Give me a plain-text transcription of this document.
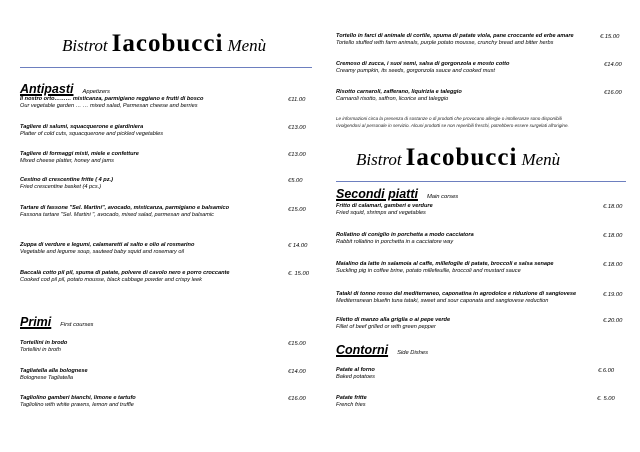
Bistrot Iacobucci Menù
Antipasti Appetizers
Il nostro orto……… misticanza, parmigiano reggiano e frutti di bosco
Our vegetable garden … … mixed salad, Parmesan cheese and berries
€11.00
Tagliere di salumi, squacquerone e giardiniera
Platter of cold cuts, squacquerone and pickled vegetables
€13.00
Tagliere di formaggi misti, miele e confetture
Mixed cheese platter, honey and jams
€13.00
Cestino di crescentine fritte ( 4 pz.)
Fried crescentine basket (4 pcs.)
€5.00
Tartare di fassone "Sel. Martini", avocado, misticanza, parmigiano e balsamico
Fassona tartare "Sel. Martini ", avocado, mixed salad, parmesan and balsamic
€15.00
Zuppa di verdure e legumi, calamaretti al salto e olio al rosmarino
Vegetable and legume soup, sauteed baby squid and rosemary oil
€ 14.00
Baccalà cotto pil pil, spuma di patate, polvere di cavolo nero e porro croccante
Cooked cod pil pil, potato mousse, black cabbage powder and crispy leek
€. 15.00
Primi First courses
Tortellini in brodo
Tortellini in broth
€15.00
Tagliatella alla bolognese
Bolognese Tagliatella
€14.00
Tagliolino gamberi bianchi, limone e tartufo
Tagliolino with white prawns, lemon and truffle
€16.00
Tortello in farci di animale di cortile, spuma di patate viola, pane croccante ed erbe amare
Tortello stuffed with farm animals, purple potato mousse, crunchy bread and bitter herbs
€.15.00
Cremoso di zucca, i suoi semi, salsa di gorgonzola e mosto cotto
Creamy pumpkin, its seeds, gorgonzola sauce and cooked must
€14.00
Risotto carnaroli, zafferano, liquirizia e taleggio
Carnaroli risotto, saffron, licorice and taleggio
€16.00
Le informazioni circa la presenza di sostanze o di prodotti che provocano allergie o intolleranze sono disponibili
rivolgendosi al personale in servizio. Alcuni prodotti se non reperibili freschi, potrebbero essere surgelati all'origine.
Bistrot Iacobucci Menù
Secondi piatti Main corses
Fritto di calamari, gamberi e verdure
Fried squid, shrimps and vegetables
€.18.00
Rollatino di coniglio in porchetta a modo cacciatora
Rabbit rollatino in porchetta in a cacciatore way
€.18.00
Maialino da latte in salamoia al caffe, millefoglie di patate, broccoli e salsa senape
Suckling pig in coffee brine, potato millefeuille, broccoli and mustard sauce
€.18.00
Tataki di tonno rosso del mediterraneo, caponatina in agrodolce e riduzione di sangiovese
Mediterranean bluefin tuna tataki, sweet and sour caponata and sangiovese reduction
€.19.00
Filetto di manzo alla griglia o ai pepe verde
Fillet of beef grilled or with green pepper
€.20.00
Contorni Side Dishes
Patate al forno
Baked potatoes
€.6.00
Patate fritte
French fries
€. 5.00
